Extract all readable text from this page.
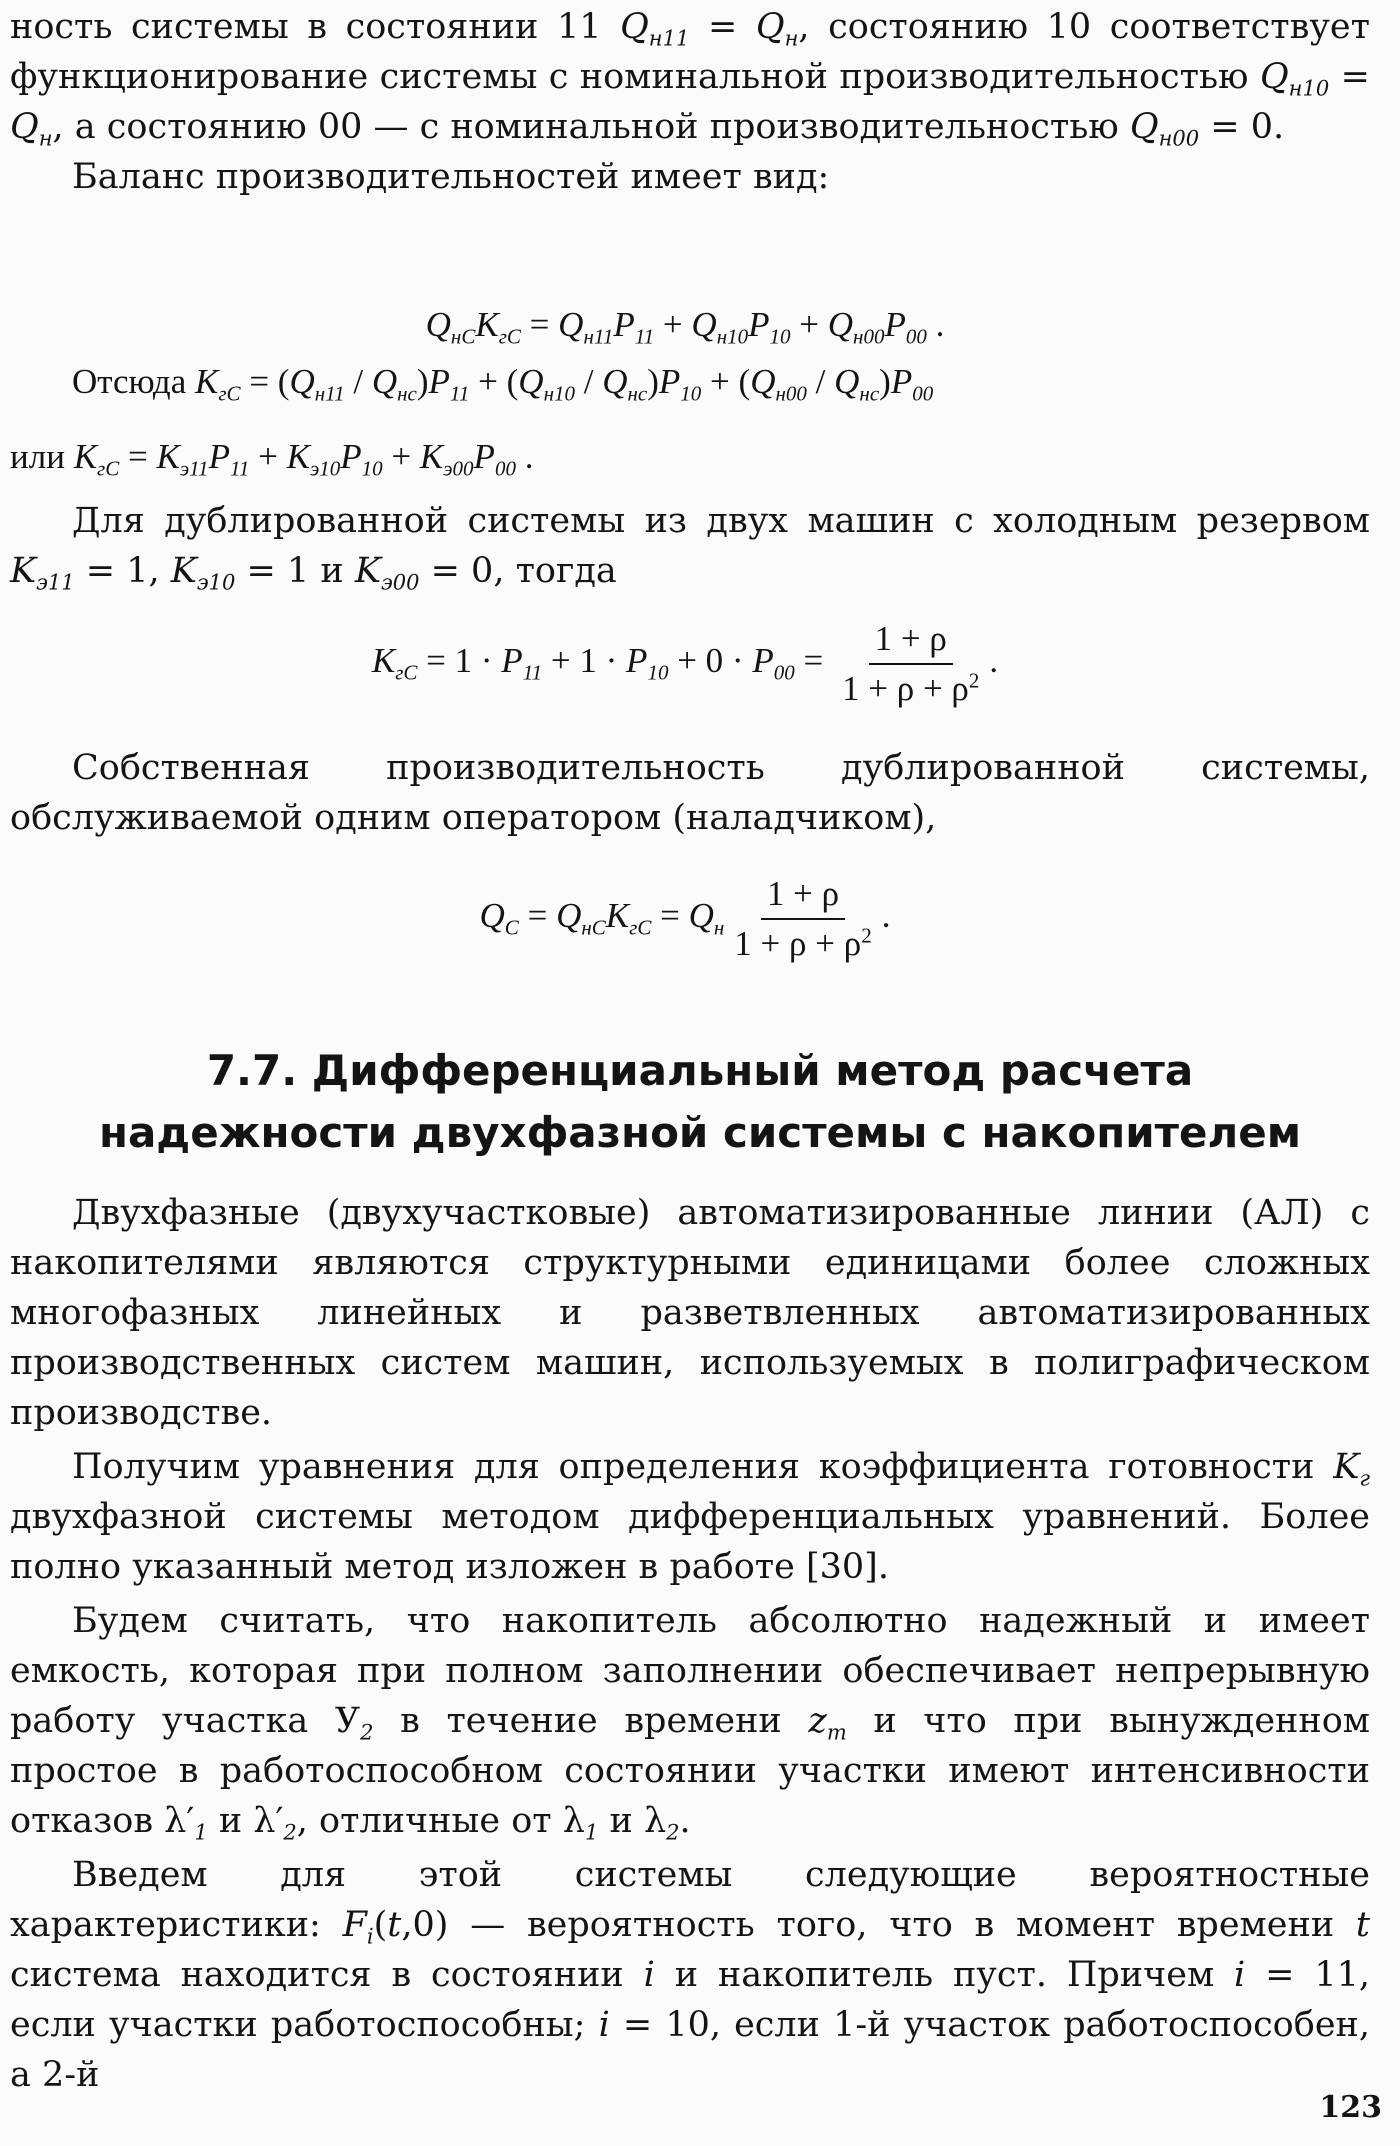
ность системы в состоянии 11 $Q_{н11} = Q_н$, состоянию 10 соответствует функционирование системы с номинальной производительностью $Q_{н10} = Q_н$, а состоянию 00 — с номинальной производительностью $Q_{н00} = 0$.

Баланс производительностей имеет вид:

$Q_{нC}K_{гC} = Q_{н11}P_{11} + Q_{н10}P_{10} + Q_{н00}P_{00}$ .
Отсюда $K_{гC} = (Q_{н11} / Q_{нс})P_{11} + (Q_{н10} / Q_{нс})P_{10} + (Q_{н00} / Q_{нс})P_{00}$
или $K_{гC} = K_{э11}P_{11} + K_{э10}P_{10} + K_{э00}P_{00}$ .

Для дублированной системы из двух машин с холодным резервом $K_{э11} = 1$, $K_{э10} = 1$ и $K_{э00} = 0$, тогда

$K_{гC} = 1 \cdot P_{11} + 1 \cdot P_{10} + 0 \cdot P_{00} = \frac{1 + \rho}{1 + \rho + \rho^2}$ .

Собственная производительность дублированной системы, обслуживаемой одним оператором (наладчиком),

$Q_C = Q_{нC}K_{гC} = Q_н \frac{1 + \rho}{1 + \rho + \rho^2}$ .
7.7. Дифференциальный метод расчета
надежности двухфазной системы с накопителем

Двухфазные (двухучастковые) автоматизированные линии (АЛ) с накопителями являются структурными единицами более сложных многофазных линейных и разветвленных автоматизированных производственных систем машин, используемых в полиграфическом производстве.

Получим уравнения для определения коэффициента готовности $K_г$ двухфазной системы методом дифференциальных уравнений. Более полно указанный метод изложен в работе [30].

Будем считать, что накопитель абсолютно надежный и имеет емкость, которая при полном заполнении обеспечивает непрерывную работу участка $У_2$ в течение времени $z_m$ и что при вынужденном простое в работоспособном состоянии участки имеют интенсивности отказов $\lambda'_1$ и $\lambda'_2$, отличные от $\lambda_1$ и $\lambda_2$.

Введем для этой системы следующие вероятностные характеристики: $F_i(t,0)$ — вероятность того, что в момент времени t система находится в состоянии i и накопитель пуст. Причем i = 11, если участки работоспособны; i = 10, если 1-й участок работоспособен, а 2-й

123
